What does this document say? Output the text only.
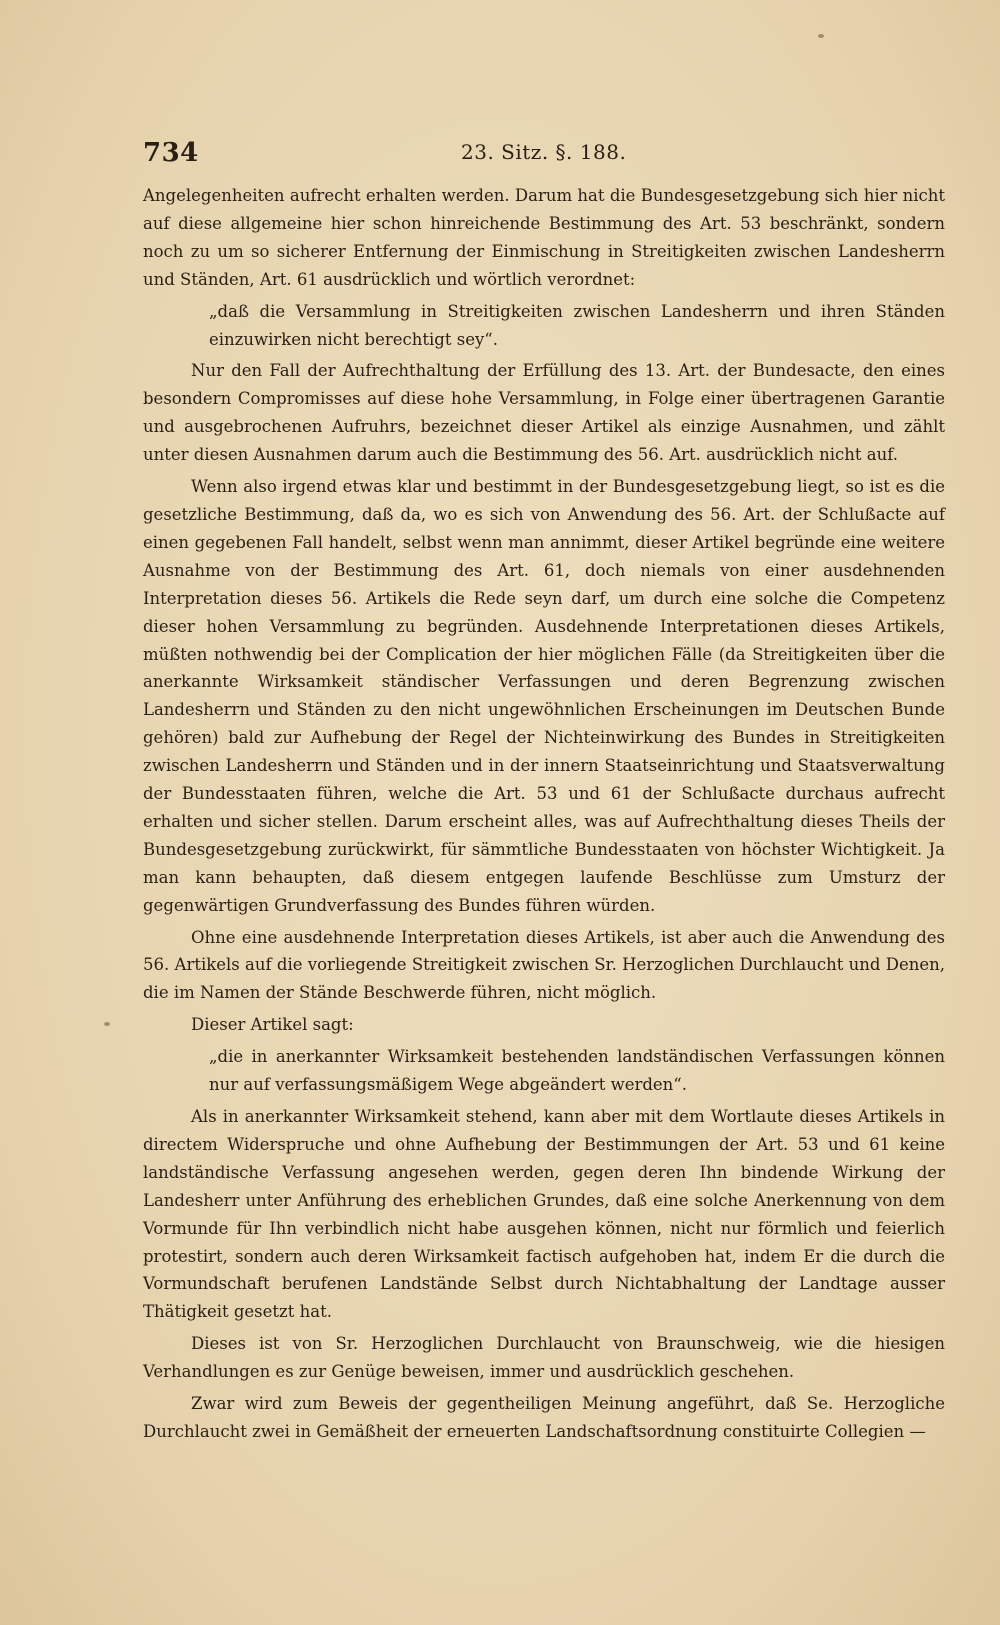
734	23. Sitz. §. 188.

Angelegenheiten aufrecht erhalten werden. Darum hat die Bundesgesetzgebung sich hier nicht auf diese allgemeine hier schon hinreichende Bestimmung des Art. 53 beschränkt, sondern noch zu um so sicherer Entfernung der Einmischung in Streitigkeiten zwischen Landesherrn und Ständen, Art. 61 ausdrücklich und wörtlich verordnet:

„daß die Versammlung in Streitigkeiten zwischen Landesherrn und ihren Ständen einzuwirken nicht berechtigt sey“.

Nur den Fall der Aufrechthaltung der Erfüllung des 13. Art. der Bundesacte, den eines besondern Compromisses auf diese hohe Versammlung, in Folge einer übertragenen Garantie und ausgebrochenen Aufruhrs, bezeichnet dieser Artikel als einzige Ausnahmen, und zählt unter diesen Ausnahmen darum auch die Bestimmung des 56. Art. ausdrücklich nicht auf.

Wenn also irgend etwas klar und bestimmt in der Bundesgesetzgebung liegt, so ist es die gesetzliche Bestimmung, daß da, wo es sich von Anwendung des 56. Art. der Schlußacte auf einen gegebenen Fall handelt, selbst wenn man annimmt, dieser Artikel begründe eine weitere Ausnahme von der Bestimmung des Art. 61, doch niemals von einer ausdehnenden Interpretation dieses 56. Artikels die Rede seyn darf, um durch eine solche die Competenz dieser hohen Versammlung zu begründen. Ausdehnende Interpretationen dieses Artikels, müßten nothwendig bei der Complication der hier möglichen Fälle (da Streitigkeiten über die anerkannte Wirksamkeit ständischer Verfassungen und deren Begrenzung zwischen Landesherrn und Ständen zu den nicht ungewöhnlichen Erscheinungen im Deutschen Bunde gehören) bald zur Aufhebung der Regel der Nichteinwirkung des Bundes in Streitigkeiten zwischen Landesherrn und Ständen und in der innern Staatseinrichtung und Staatsverwaltung der Bundesstaaten führen, welche die Art. 53 und 61 der Schlußacte durchaus aufrecht erhalten und sicher stellen. Darum erscheint alles, was auf Aufrechthaltung dieses Theils der Bundesgesetzgebung zurückwirkt, für sämmtliche Bundesstaaten von höchster Wichtigkeit. Ja man kann behaupten, daß diesem entgegen laufende Beschlüsse zum Umsturz der gegenwärtigen Grundverfassung des Bundes führen würden.

Ohne eine ausdehnende Interpretation dieses Artikels, ist aber auch die Anwendung des 56. Artikels auf die vorliegende Streitigkeit zwischen Sr. Herzoglichen Durchlaucht und Denen, die im Namen der Stände Beschwerde führen, nicht möglich.

Dieser Artikel sagt:

„die in anerkannter Wirksamkeit bestehenden landständischen Verfassungen können nur auf verfassungsmäßigem Wege abgeändert werden“.

Als in anerkannter Wirksamkeit stehend, kann aber mit dem Wortlaute dieses Artikels in directem Widerspruche und ohne Aufhebung der Bestimmungen der Art. 53 und 61 keine landständische Verfassung angesehen werden, gegen deren Ihn bindende Wirkung der Landesherr unter Anführung des erheblichen Grundes, daß eine solche Anerkennung von dem Vormunde für Ihn verbindlich nicht habe ausgehen können, nicht nur förmlich und feierlich protestirt, sondern auch deren Wirksamkeit factisch aufgehoben hat, indem Er die durch die Vormundschaft berufenen Landstände Selbst durch Nichtabhaltung der Landtage ausser Thätigkeit gesetzt hat.

Dieses ist von Sr. Herzoglichen Durchlaucht von Braunschweig, wie die hiesigen Verhandlungen es zur Genüge beweisen, immer und ausdrücklich geschehen.

Zwar wird zum Beweis der gegentheiligen Meinung angeführt, daß Se. Herzogliche Durchlaucht zwei in Gemäßheit der erneuerten Landschaftsordnung constituirte Collegien —
